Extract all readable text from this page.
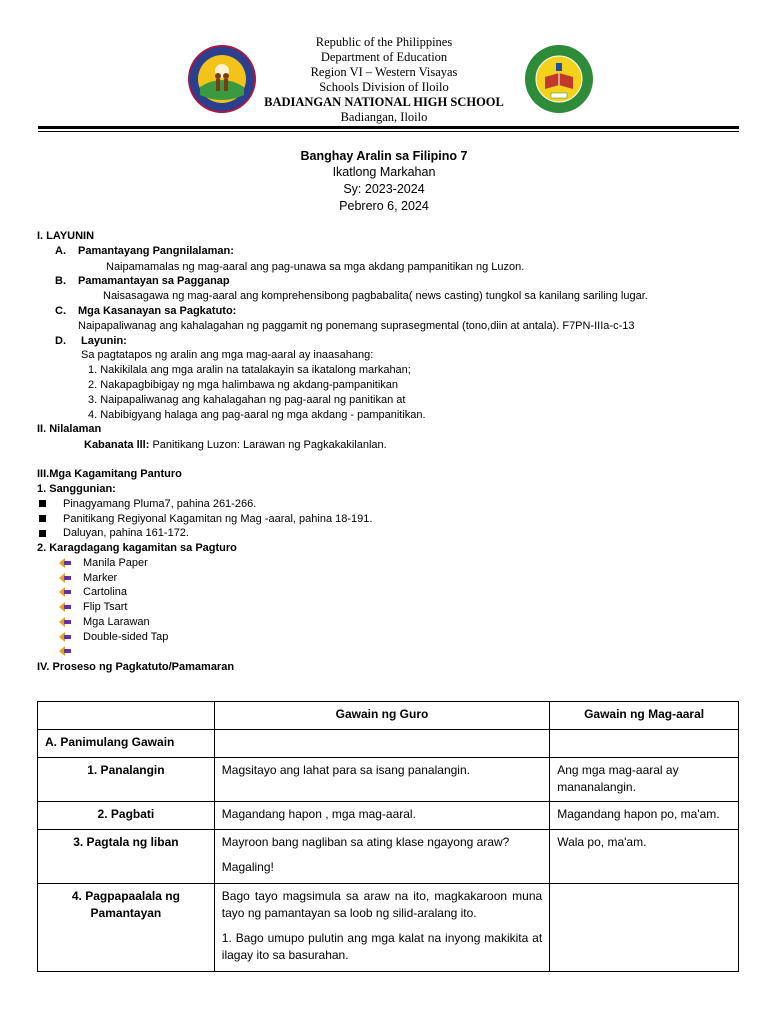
Republic of the Philippines
Department of Education
Region VI – Western Visayas
Schools Division of Iloilo
BADIANGAN NATIONAL HIGH SCHOOL
Badiangan, Iloilo
Banghay Aralin sa Filipino 7
Ikatlong Markahan
Sy: 2023-2024
Pebrero 6, 2024
I. LAYUNIN
A. Pamantayang Pangnilalaman:
Naipamamalas ng mag-aaral ang pag-unawa sa mga akdang pampanitikan ng Luzon.
B. Pamamantayan sa Pagganap
Naisasagawa ng mag-aaral ang komprehensibong pagbabalita( news casting) tungkol sa kanilang sariling lugar.
C. Mga Kasanayan sa Pagkatuto:
Naipapaliwanag ang kahalagahan ng paggamit ng ponemang suprasegmental (tono,diin at antala). F7PN-IIIa-c-13
D. Layunin:
Sa pagtatapos ng aralin ang mga mag-aaral ay inaasahang:
1. Nakikilala ang mga aralin na tatalakayin sa ikatalong markahan;
2. Nakapagbibigay ng mga halimbawa ng akdang-pampanitikan
3. Naipapaliwanag ang kahalagahan ng pag-aaral ng panitikan at
4. Nabibigyang halaga ang pag-aaral ng mga akdang - pampanitikan.
II. Nilalaman
Kabanata lll: Panitikang Luzon: Larawan ng Pagkakakilanlan.
III.Mga Kagamitang Panturo
1. Sanggunian:
Pinagyamang Pluma7, pahina 261-266.
Panitikang Regiyonal Kagamitan ng Mag -aaral, pahina 18-191.
Daluyan, pahina 161-172.
2. Karagdagang kagamitan sa Pagturo
Manila Paper
Marker
Cartolina
Flip Tsart
Mga Larawan
Double-sided Tap
IV. Proseso ng Pagkatuto/Pamamaran
	Gawain ng Guro	Gawain ng Mag-aaral
A. Panimulang Gawain		
1. Panalangin	Magsitayo ang lahat para sa isang panalangin.	Ang mga mag-aaral ay mananalangin.
2. Pagbati	Magandang hapon , mga mag-aaral.	Magandang hapon po, ma'am.
3. Pagtala ng liban	Mayroon bang nagliban sa ating klase ngayong araw?

Magaling!	Wala po, ma'am.
4. Pagpapaalala ng Pamantayan	Bago tayo magsimula sa araw na ito, magkakaroon muna tayo ng pamantayan sa loob ng silid-aralang ito.

1. Bago umupo pulutin ang mga kalat na inyong makikita at ilagay ito sa basurahan.	
